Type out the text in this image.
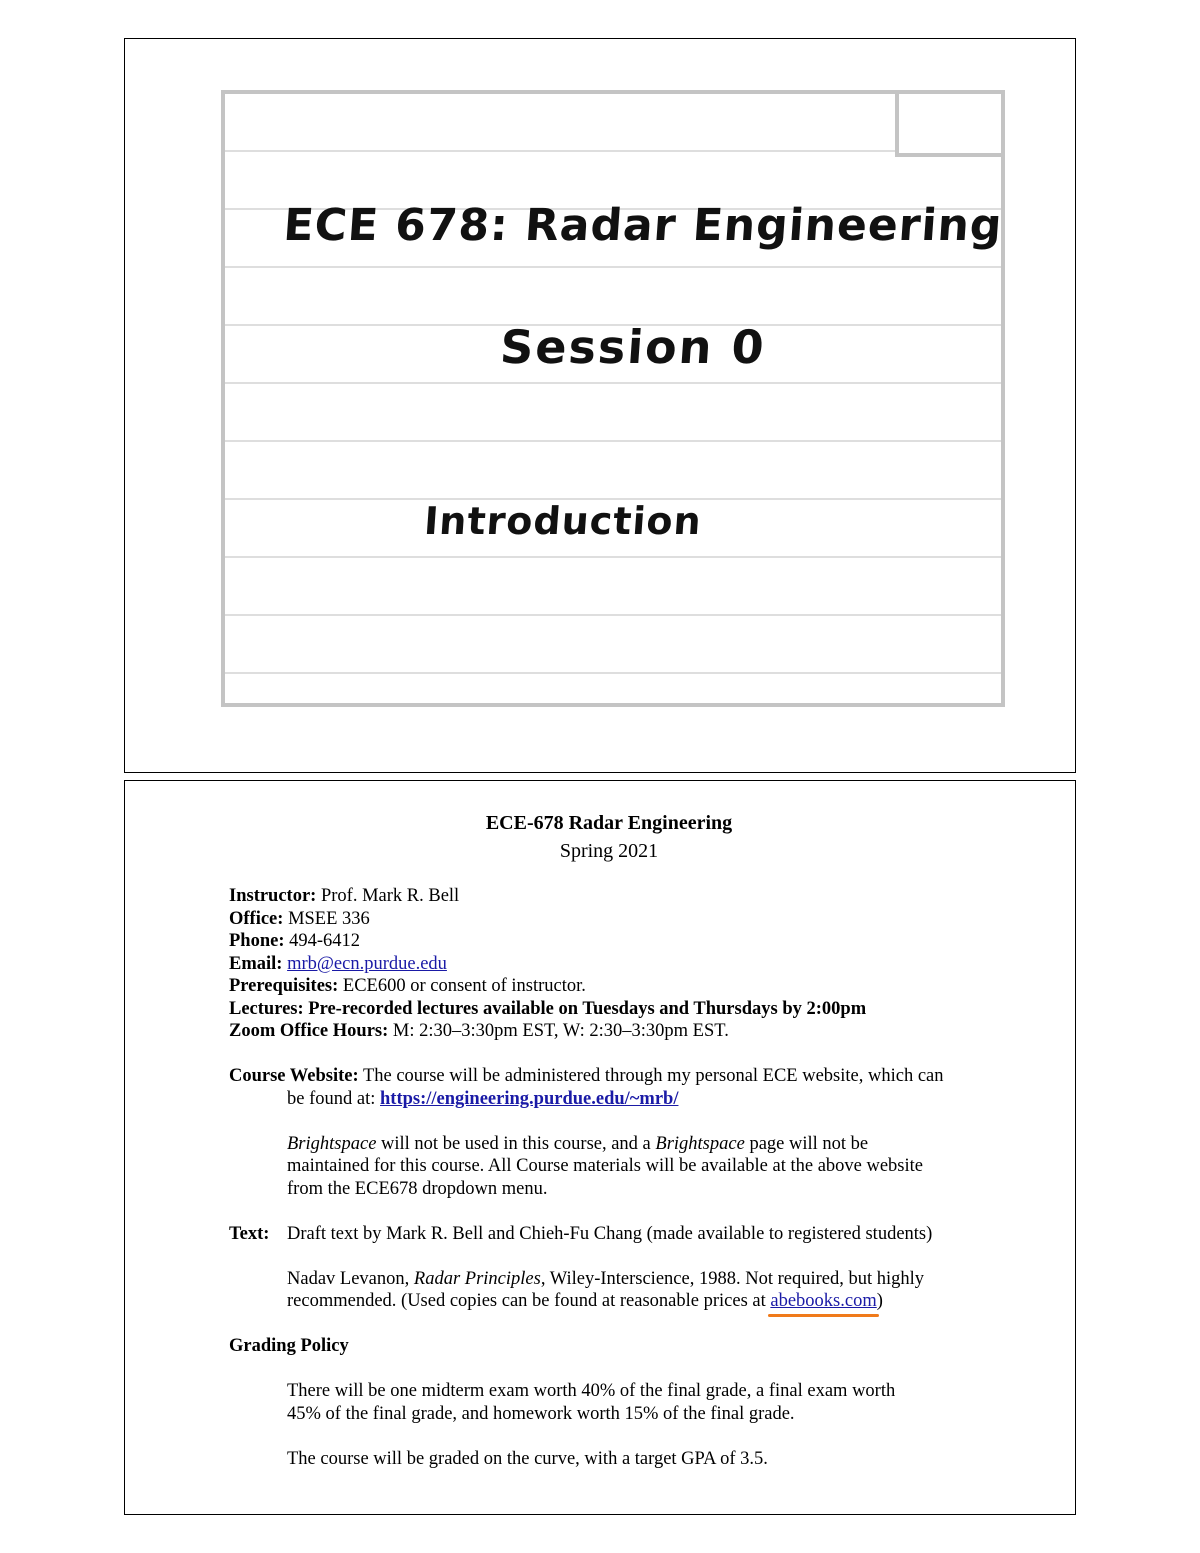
ECE 678: Radar Engineering
Session 0
Introduction
ECE-678 Radar Engineering
Spring 2021
Instructor: Prof. Mark R. Bell
Office: MSEE 336
Phone: 494-6412
Email: mrb@ecn.purdue.edu
Prerequisites: ECE600 or consent of instructor.
Lectures: Pre-recorded lectures available on Tuesdays and Thursdays by 2:00pm
Zoom Office Hours: M: 2:30–3:30pm EST, W: 2:30–3:30pm EST.
Course Website: The course will be administered through my personal ECE website, which can
be found at: https://engineering.purdue.edu/~mrb/
Brightspace will not be used in this course, and a Brightspace page will not be
maintained for this course. All Course materials will be available at the above website
from the ECE678 dropdown menu.
Text: Draft text by Mark R. Bell and Chieh-Fu Chang (made available to registered students)
Nadav Levanon, Radar Principles, Wiley-Interscience, 1988. Not required, but highly
recommended. (Used copies can be found at reasonable prices at abebooks.com)
Grading Policy
There will be one midterm exam worth 40% of the final grade, a final exam worth
45% of the final grade, and homework worth 15% of the final grade.
The course will be graded on the curve, with a target GPA of 3.5.
